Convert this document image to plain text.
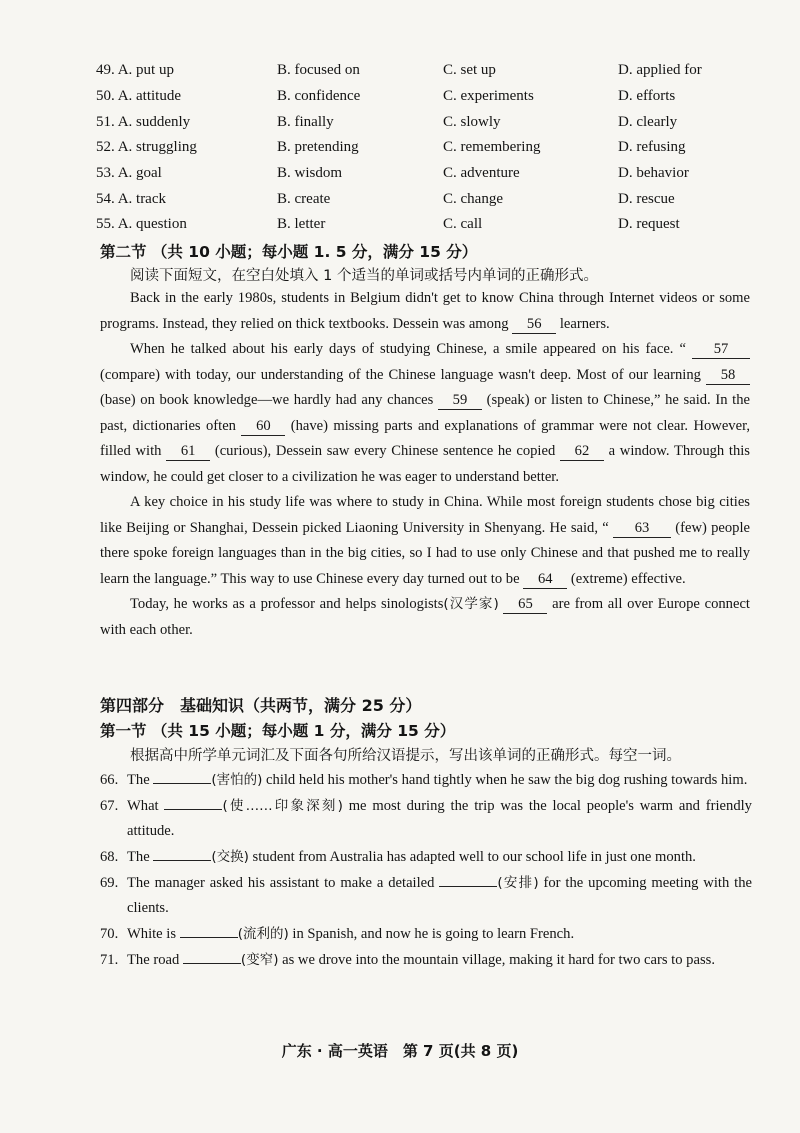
49. A. put up	B. focused on	C. set up	D. applied for
50. A. attitude	B. confidence	C. experiments	D. efforts
51. A. suddenly	B. finally	C. slowly	D. clearly
52. A. struggling	B. pretending	C. remembering	D. refusing
53. A. goal	B. wisdom	C. adventure	D. behavior
54. A. track	B. create	C. change	D. rescue
55. A. question	B. letter	C. call	D. request
第二节 （共 10 小题；每小题 1. 5 分，满分 15 分）
阅读下面短文，在空白处填入 1 个适当的单词或括号内单词的正确形式。

Back in the early 1980s, students in Belgium didn't get to know China through Internet videos or some programs. Instead, they relied on thick textbooks. Dessein was among 56 learners.

When he talked about his early days of studying Chinese, a smile appeared on his face. “ 57 (compare) with today, our understanding of the Chinese language wasn't deep. Most of our learning 58 (base) on book knowledge—we hardly had any chances 59 (speak) or listen to Chinese,” he said. In the past, dictionaries often 60 (have) missing parts and explanations of grammar were not clear. However, filled with 61 (curious), Dessein saw every Chinese sentence he copied 62 a window. Through this window, he could get closer to a civilization he was eager to understand better.

A key choice in his study life was where to study in China. While most foreign students chose big cities like Beijing or Shanghai, Dessein picked Liaoning University in Shenyang. He said, “ 63 (few) people there spoke foreign languages than in the big cities, so I had to use only Chinese and that pushed me to really learn the language.” This way to use Chinese every day turned out to be 64 (extreme) effective.

Today, he works as a professor and helps sinologists(汉学家) 65 are from all over Europe connect with each other.

第四部分　基础知识（共两节，满分 25 分）
第一节 （共 15 小题；每小题 1 分，满分 15 分）
根据高中所学单元词汇及下面各句所给汉语提示，写出该单词的正确形式。每空一词。
66. The	(害怕的) child held his mother's hand tightly when he saw the big dog rushing towards him.
67. What	(使……印象深刻) me most during the trip was the local people's warm and friendly attitude.
68. The	(交换) student from Australia has adapted well to our school life in just one month.
69. The manager asked his assistant to make a detailed	(安排) for the upcoming meeting with the clients.
70. White is	(流利的) in Spanish, and now he is going to learn French.
71. The road	(变窄) as we drove into the mountain village, making it hard for two cars to pass.
广东 · 高一英语　第 7 页(共 8 页)
